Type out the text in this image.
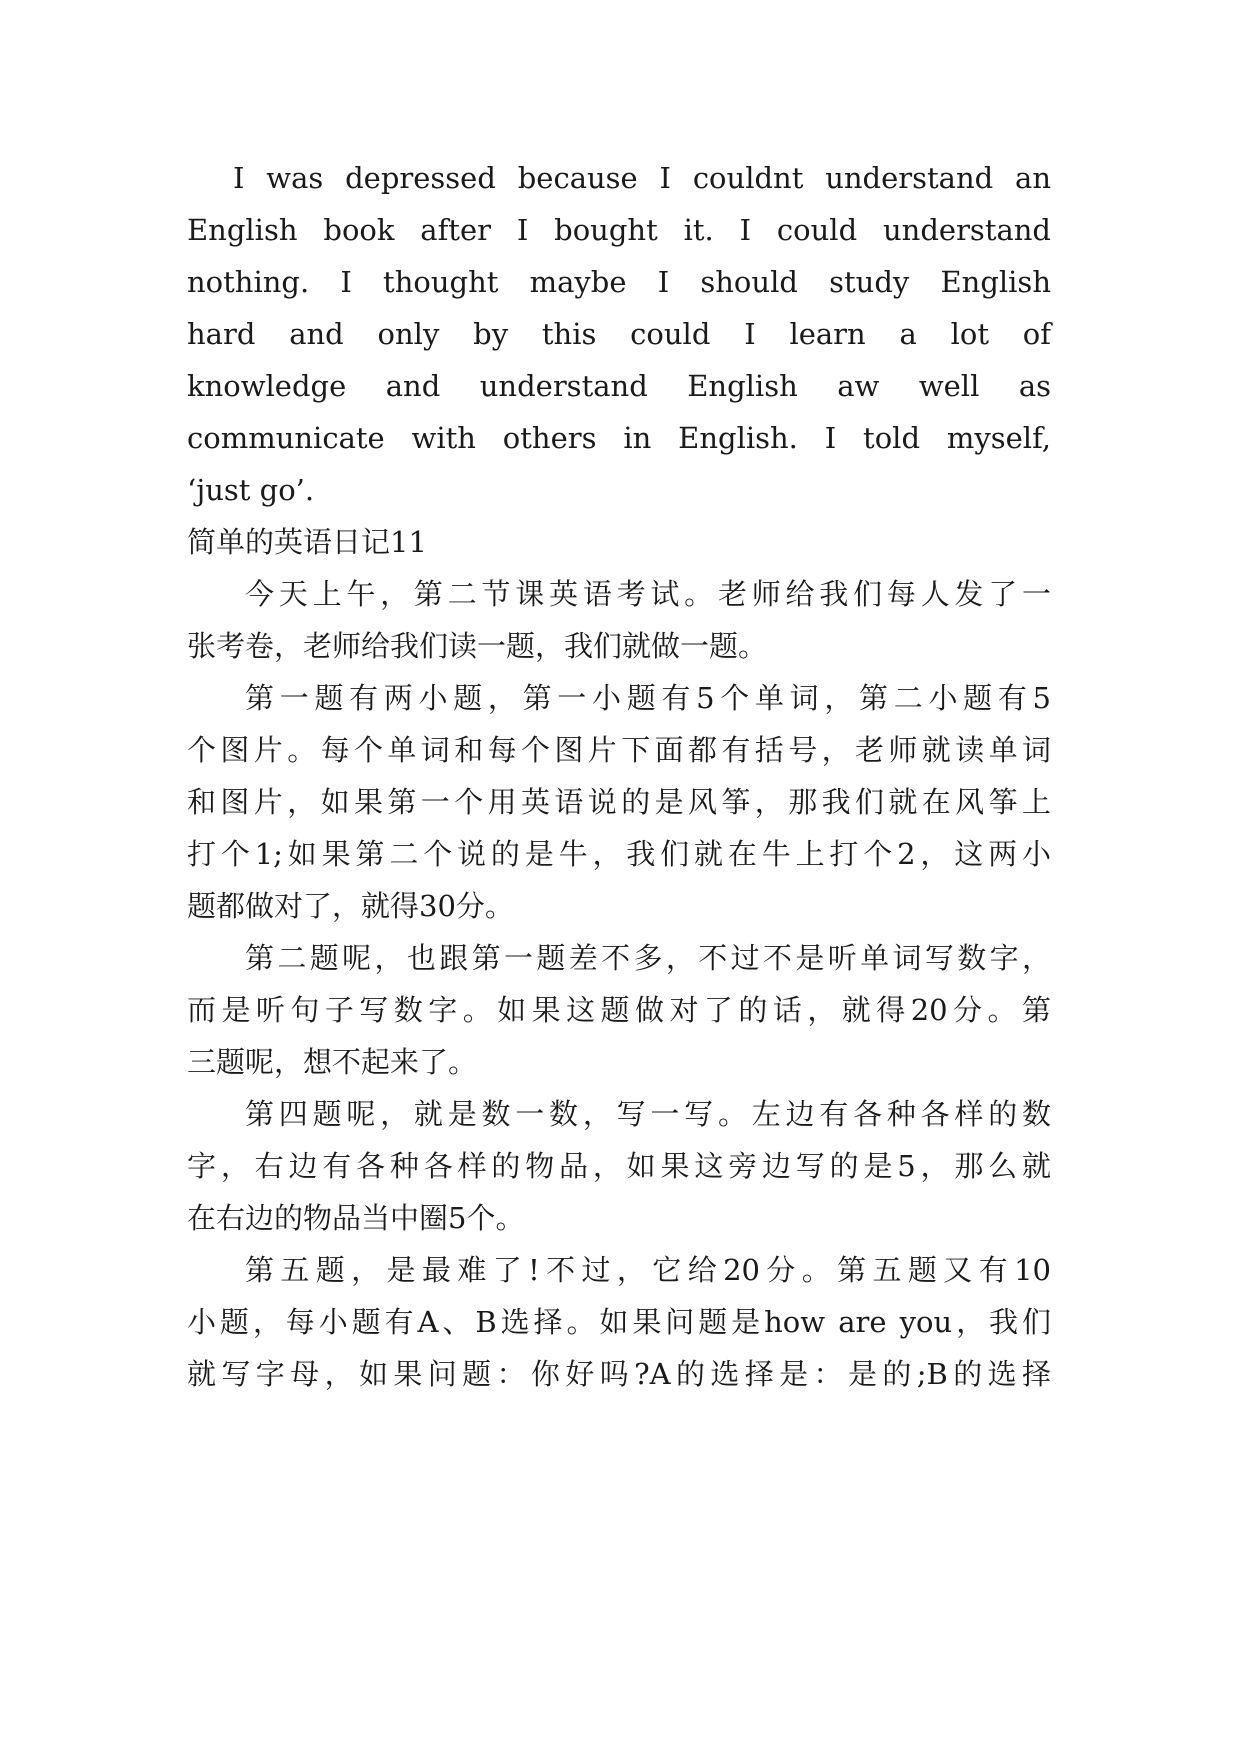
I was depressed because I couldnt understand an
English book after I bought it. I could understand
nothing. I thought maybe I should study English
hard and only by this could I learn a lot of
knowledge and understand English aw well as
communicate with others in English. I told myself,
‘just go’.
简单的英语日记11
今天上午，第二节课英语考试。老师给我们每人发了一
张考卷，老师给我们读一题，我们就做一题。
第一题有两小题，第一小题有5个单词，第二小题有5
个图片。每个单词和每个图片下面都有括号，老师就读单词
和图片，如果第一个用英语说的是风筝，那我们就在风筝上
打个1;如果第二个说的是牛，我们就在牛上打个2，这两小
题都做对了，就得30分。
第二题呢，也跟第一题差不多，不过不是听单词写数字，
而是听句子写数字。如果这题做对了的话，就得20分。第
三题呢，想不起来了。
第四题呢，就是数一数，写一写。左边有各种各样的数
字，右边有各种各样的物品，如果这旁边写的是5，那么就
在右边的物品当中圈5个。
第五题，是最难了!不过，它给20分。第五题又有10
小题，每小题有A、B选择。如果问题是how are you，我们
就写字母，如果问题：你好吗?A的选择是：是的;B的选择
